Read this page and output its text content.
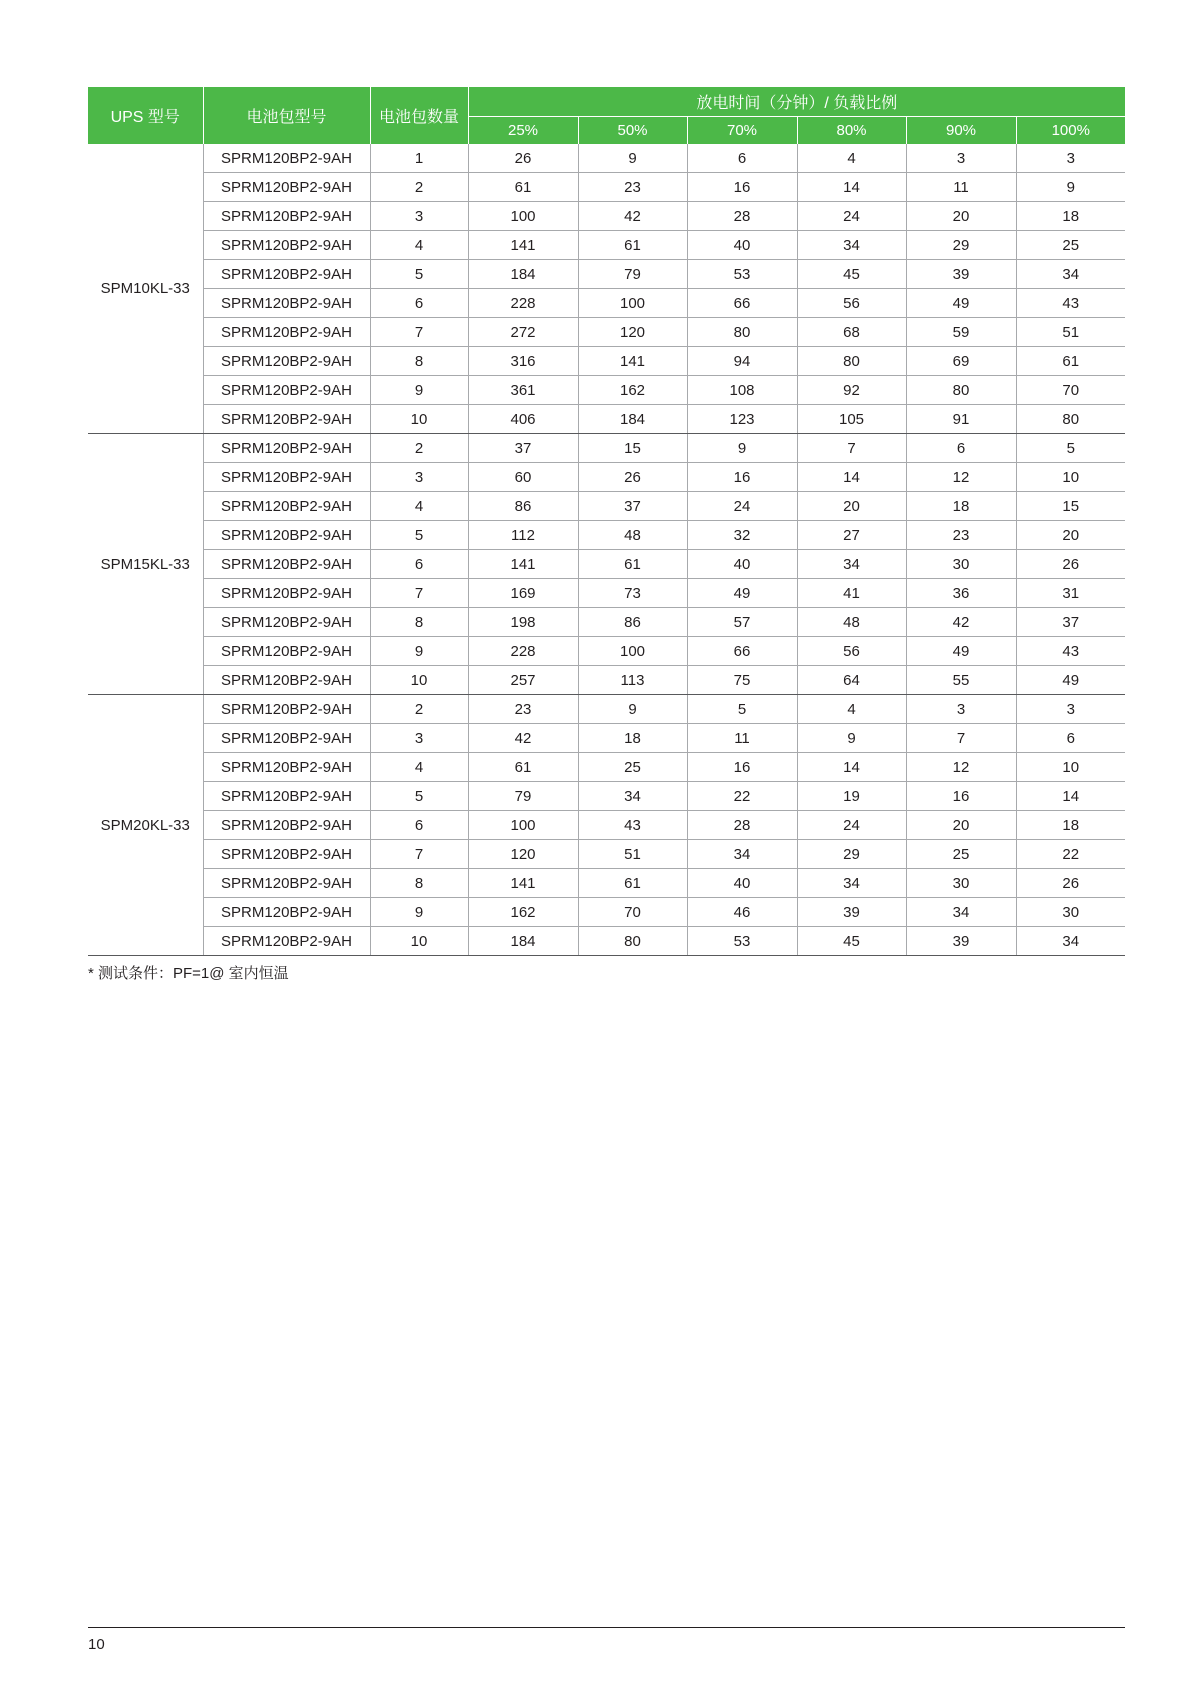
UPS 型号	电池包型号	电池包数量	放电时间（分钟）/ 负载比例					
			25%	50%	70%	80%	90%	100%
SPM10KL-33	SPRM120BP2-9AH	1	26	9	6	4	3	3
	SPRM120BP2-9AH	2	61	23	16	14	11	9
	SPRM120BP2-9AH	3	100	42	28	24	20	18
	SPRM120BP2-9AH	4	141	61	40	34	29	25
	SPRM120BP2-9AH	5	184	79	53	45	39	34
	SPRM120BP2-9AH	6	228	100	66	56	49	43
	SPRM120BP2-9AH	7	272	120	80	68	59	51
	SPRM120BP2-9AH	8	316	141	94	80	69	61
	SPRM120BP2-9AH	9	361	162	108	92	80	70
	SPRM120BP2-9AH	10	406	184	123	105	91	80
SPM15KL-33	SPRM120BP2-9AH	2	37	15	9	7	6	5
	SPRM120BP2-9AH	3	60	26	16	14	12	10
	SPRM120BP2-9AH	4	86	37	24	20	18	15
	SPRM120BP2-9AH	5	112	48	32	27	23	20
	SPRM120BP2-9AH	6	141	61	40	34	30	26
	SPRM120BP2-9AH	7	169	73	49	41	36	31
	SPRM120BP2-9AH	8	198	86	57	48	42	37
	SPRM120BP2-9AH	9	228	100	66	56	49	43
	SPRM120BP2-9AH	10	257	113	75	64	55	49
SPM20KL-33	SPRM120BP2-9AH	2	23	9	5	4	3	3
	SPRM120BP2-9AH	3	42	18	11	9	7	6
	SPRM120BP2-9AH	4	61	25	16	14	12	10
	SPRM120BP2-9AH	5	79	34	22	19	16	14
	SPRM120BP2-9AH	6	100	43	28	24	20	18
	SPRM120BP2-9AH	7	120	51	34	29	25	22
	SPRM120BP2-9AH	8	141	61	40	34	30	26
	SPRM120BP2-9AH	9	162	70	46	39	34	30
	SPRM120BP2-9AH	10	184	80	53	45	39	34
* 测试条件：PF=1@ 室内恒温
10
